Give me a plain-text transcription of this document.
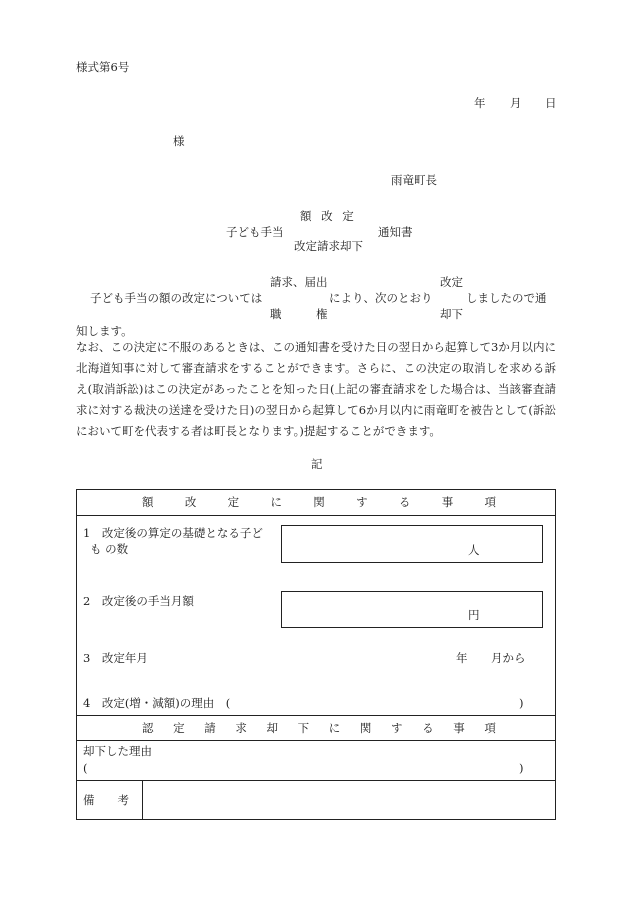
様式第6号
年 月 日
様
雨竜町長
額 改 定
子ども手当	通知書
改定請求却下
請求、届出	改定
子ども手当の額の改定については	により、次のとおり	しましたので通
職	権	却下
知します。
なお、この決定に不服のあるときは、この通知書を受けた日の翌日から起算して3か月以内に北海道知事に対して審査請求をすることができます。さらに、この決定の取消しを求める訴え(取消訴訟)はこの決定があったことを知った日(上記の審査請求をした場合は、当該審査請求に対する裁決の送達を受けた日)の翌日から起算して6か月以内に雨竜町を被告として(訴訟において町を代表する者は町長となります。)提起することができます。
記
額	改	定	に	関	す	る	事	項
1　改定後の算定の基礎となる子ど
も の数	人
2　改定後の手当月額
円
3　改定年月	年 月から
4　改定(増・減額)の理由　(	)
認 定 請 求 却 下 に 関 す る 事 項
却下した理由
(	)
備　　考
